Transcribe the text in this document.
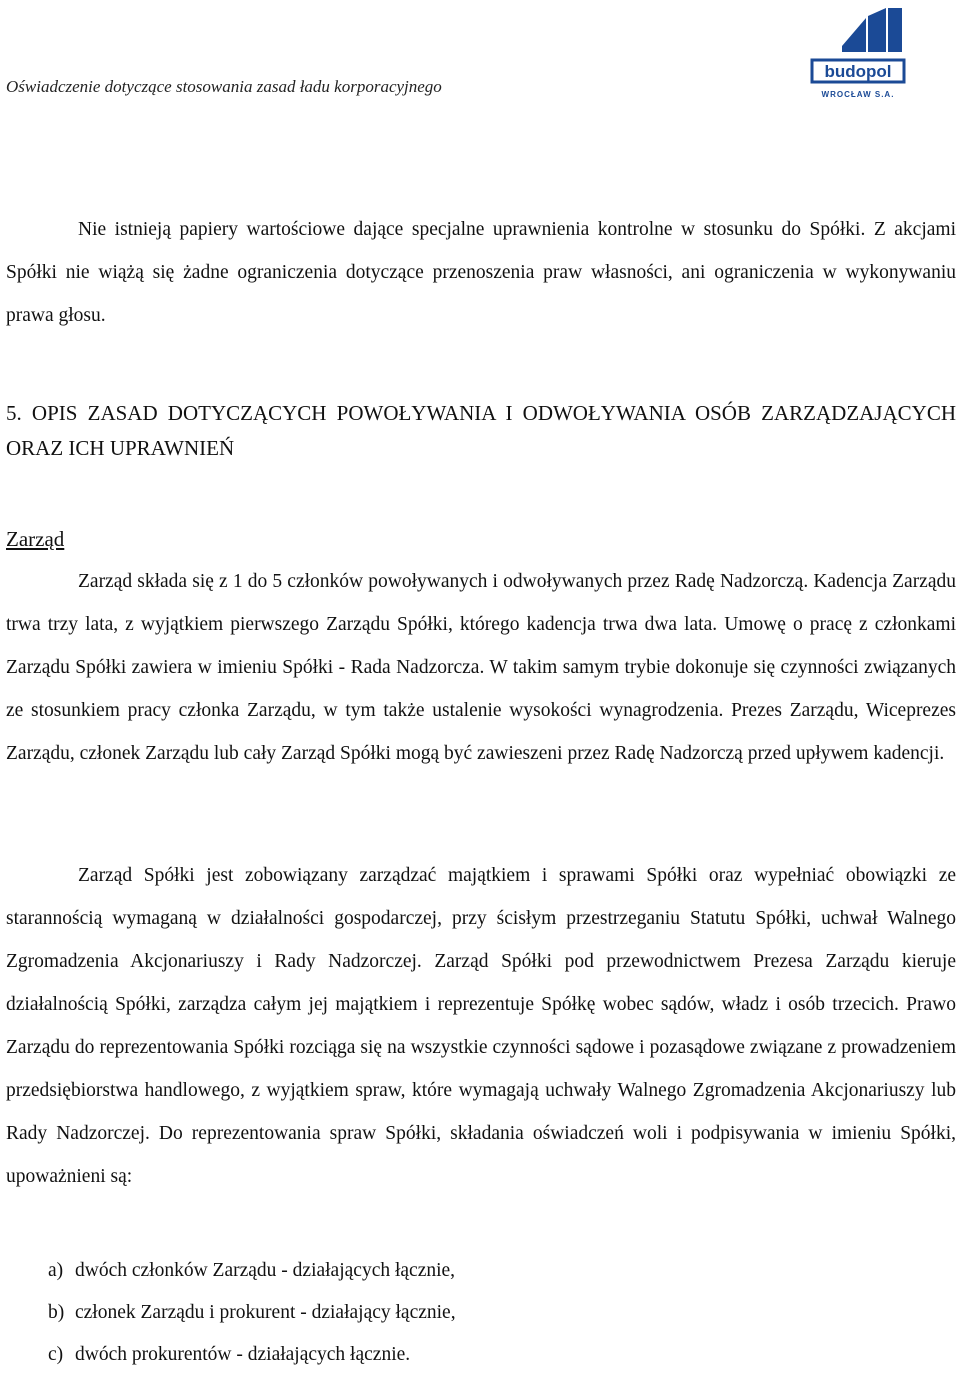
Oświadczenie dotyczące stosowania zasad ładu korporacyjnego
budopol
WROCŁAW S.A.

Nie istnieją papiery wartościowe dające specjalne uprawnienia kontrolne w stosunku do Spółki. Z akcjami Spółki nie wiążą się żadne ograniczenia dotyczące przenoszenia praw własności, ani ograniczenia w wykonywaniu prawa głosu.

5. OPIS ZASAD DOTYCZĄCYCH POWOŁYWANIA I ODWOŁYWANIA OSÓB ZARZĄDZAJĄCYCH ORAZ ICH UPRAWNIEŃ
Zarząd

Zarząd składa się z 1 do 5 członków powoływanych i odwoływanych przez Radę Nadzorczą. Kadencja Zarządu trwa trzy lata, z wyjątkiem pierwszego Zarządu Spółki, którego kadencja trwa dwa lata. Umowę o pracę z członkami Zarządu Spółki zawiera w imieniu Spółki - Rada Nadzorcza. W takim samym trybie dokonuje się czynności związanych ze stosunkiem pracy członka Zarządu, w tym także ustalenie wysokości wynagrodzenia. Prezes Zarządu, Wiceprezes Zarządu, członek Zarządu lub cały Zarząd Spółki mogą być zawieszeni przez Radę Nadzorczą przed upływem kadencji.

Zarząd Spółki jest zobowiązany zarządzać majątkiem i sprawami Spółki oraz wypełniać obowiązki ze starannością wymaganą w działalności gospodarczej, przy ścisłym przestrzeganiu Statutu Spółki, uchwał Walnego Zgromadzenia Akcjonariuszy i Rady Nadzorczej. Zarząd Spółki pod przewodnictwem Prezesa Zarządu kieruje działalnością Spółki, zarządza całym jej majątkiem i reprezentuje Spółkę wobec sądów, władz i osób trzecich. Prawo Zarządu do reprezentowania Spółki rozciąga się na wszystkie czynności sądowe i pozasądowe związane z prowadzeniem przedsiębiorstwa handlowego, z wyjątkiem spraw, które wymagają uchwały Walnego Zgromadzenia Akcjonariuszy lub Rady Nadzorczej. Do reprezentowania spraw Spółki, składania oświadczeń woli i podpisywania w imieniu Spółki, upoważnieni są:

a) dwóch członków Zarządu - działających łącznie,
b) członek Zarządu i prokurent - działający łącznie,
c) dwóch prokurentów - działających łącznie.
